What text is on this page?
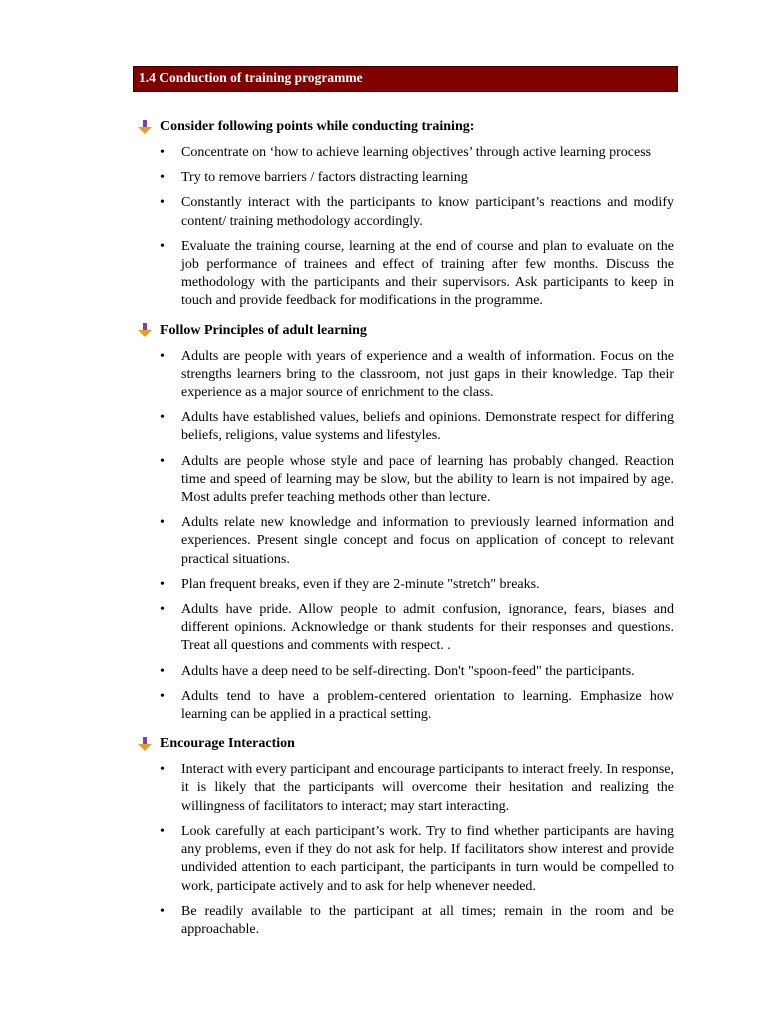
1.4 Conduction of training programme
Consider following points while conducting training:
• Concentrate on ‘how to achieve learning objectives’ through active learning process
• Try to remove barriers / factors distracting learning
• Constantly interact with the participants to know participant’s reactions and modify content/ training methodology accordingly.
• Evaluate the training course, learning at the end of course and plan to evaluate on the job performance of trainees and effect of training after few months. Discuss the methodology with the participants and their supervisors. Ask participants to keep in touch and provide feedback for modifications in the programme.
Follow Principles of adult learning
• Adults are people with years of experience and a wealth of information. Focus on the strengths learners bring to the classroom, not just gaps in their knowledge. Tap their experience as a major source of enrichment to the class.
• Adults have established values, beliefs and opinions. Demonstrate respect for differing beliefs, religions, value systems and lifestyles.
• Adults are people whose style and pace of learning has probably changed. Reaction time and speed of learning may be slow, but the ability to learn is not impaired by age. Most adults prefer teaching methods other than lecture.
• Adults relate new knowledge and information to previously learned information and experiences. Present single concept and focus on application of concept to relevant practical situations.
• Plan frequent breaks, even if they are 2-minute "stretch" breaks.
• Adults have pride. Allow people to admit confusion, ignorance, fears, biases and different opinions. Acknowledge or thank students for their responses and questions. Treat all questions and comments with respect. .
• Adults have a deep need to be self-directing. Don't "spoon-feed" the participants.
• Adults tend to have a problem-centered orientation to learning. Emphasize how learning can be applied in a practical setting.
Encourage Interaction
• Interact with every participant and encourage participants to interact freely. In response, it is likely that the participants will overcome their hesitation and realizing the willingness of facilitators to interact; may start interacting.
• Look carefully at each participant’s work. Try to find whether participants are having any problems, even if they do not ask for help. If facilitators show interest and provide undivided attention to each participant, the participants in turn would be compelled to work, participate actively and to ask for help whenever needed.
• Be readily available to the participant at all times; remain in the room and be approachable.
